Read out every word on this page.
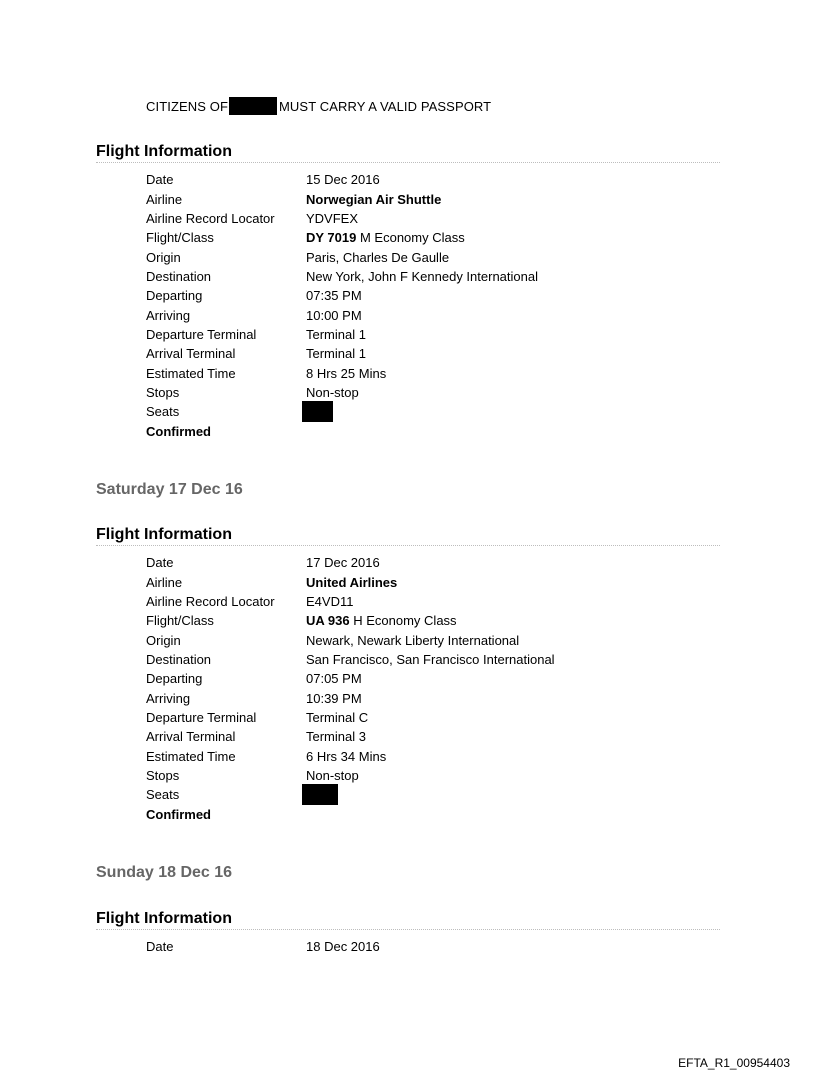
CITIZENS OF	MUST CARRY A VALID PASSPORT
Flight Information
Date	15 Dec 2016
Airline	Norwegian Air Shuttle
Airline Record Locator	YDVFEX
Flight/Class	DY 7019 M Economy Class
Origin	Paris, Charles De Gaulle
Destination	New York, John F Kennedy International
Departing	07:35 PM
Arriving	10:00 PM
Departure Terminal	Terminal 1
Arrival Terminal	Terminal 1
Estimated Time	8 Hrs 25 Mins
Stops	Non-stop
Seats
Confirmed
Saturday 17 Dec 16
Flight Information
Date	17 Dec 2016
Airline	United Airlines
Airline Record Locator	E4VD11
Flight/Class	UA 936 H Economy Class
Origin	Newark, Newark Liberty International
Destination	San Francisco, San Francisco International
Departing	07:05 PM
Arriving	10:39 PM
Departure Terminal	Terminal C
Arrival Terminal	Terminal 3
Estimated Time	6 Hrs 34 Mins
Stops	Non-stop
Seats
Confirmed
Sunday 18 Dec 16
Flight Information
Date	18 Dec 2016
EFTA_R1_00954403
